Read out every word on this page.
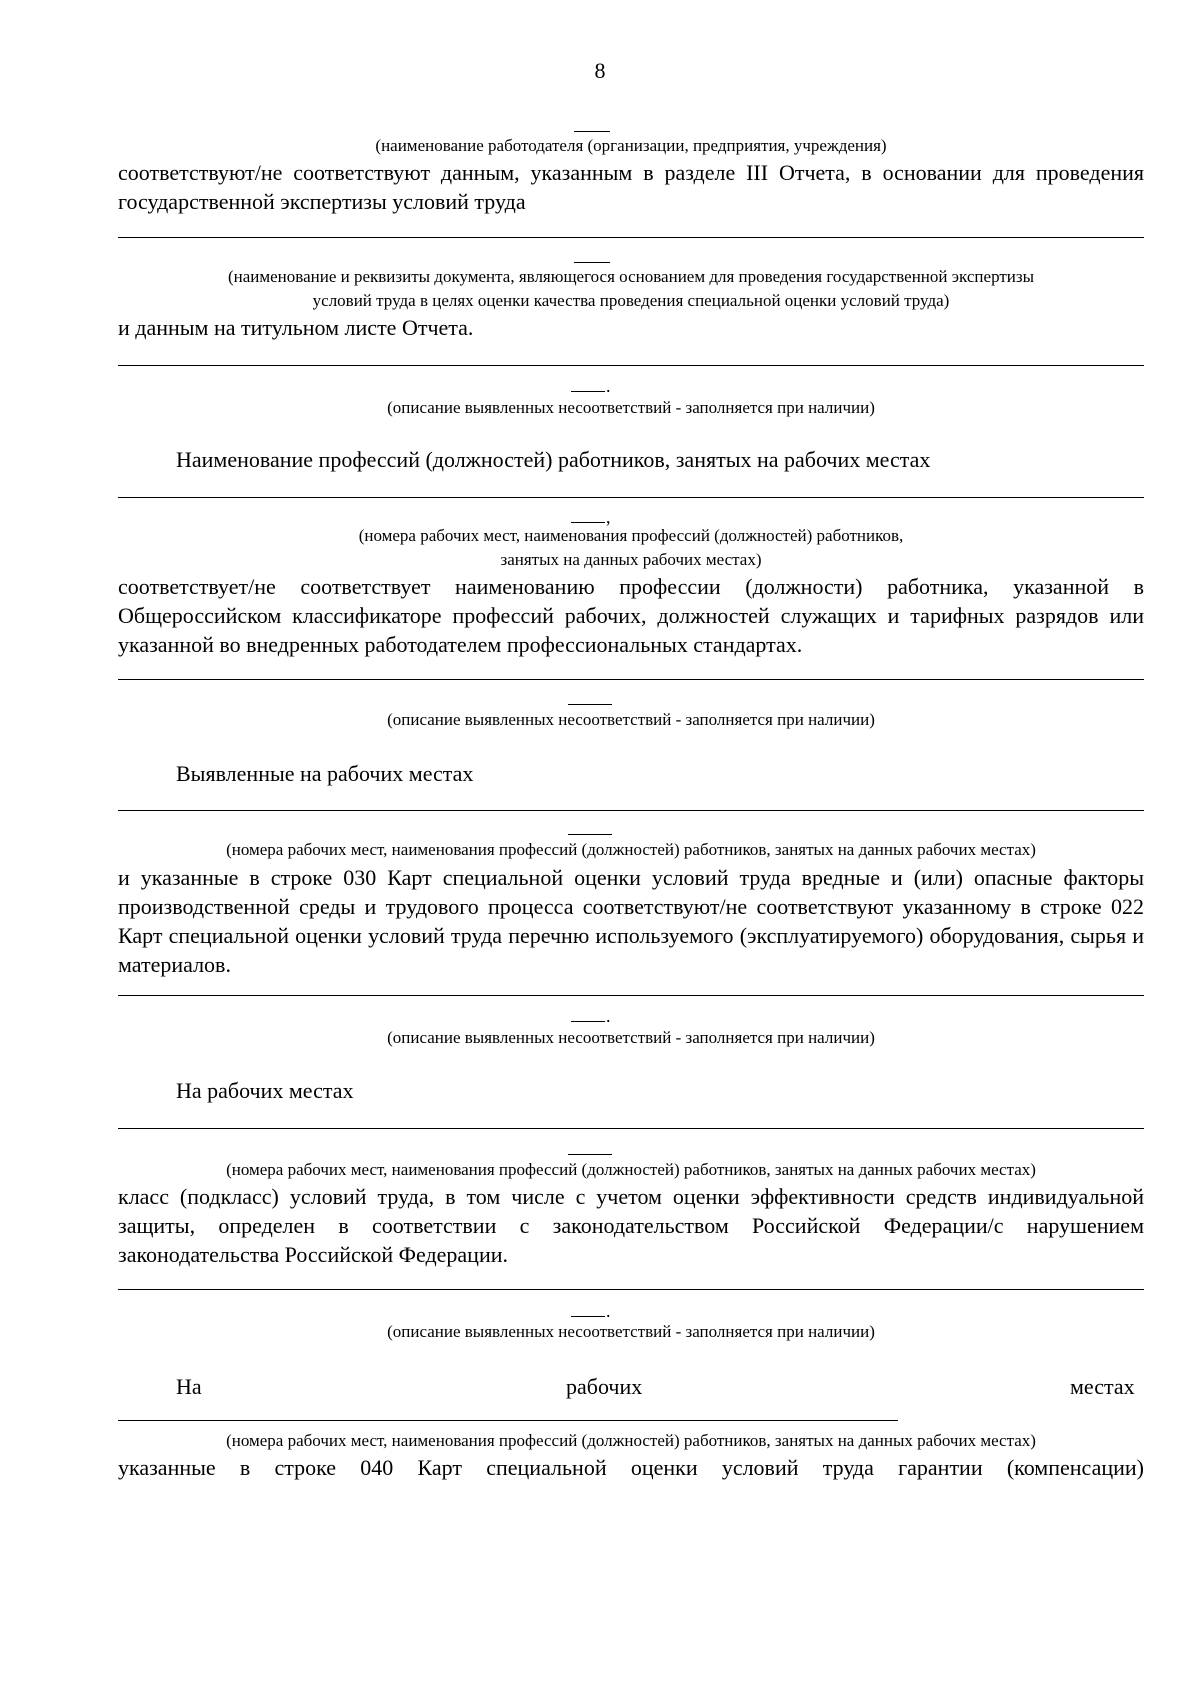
8
(наименование работодателя (организации, предприятия, учреждения)
соответствуют/не соответствуют данным, указанным в разделе III Отчета, в основании для проведения государственной экспертизы условий труда
(наименование и реквизиты документа, являющегося основанием для проведения государственной экспертизы
условий труда в целях оценки качества проведения специальной оценки условий труда)
и данным на титульном листе Отчета.
.
(описание выявленных несоответствий - заполняется при наличии)
Наименование профессий (должностей) работников, занятых на рабочих местах
,
(номера рабочих мест, наименования профессий (должностей) работников,
занятых на данных рабочих местах)
соответствует/не соответствует наименованию профессии (должности) работника, указанной в Общероссийском классификаторе профессий рабочих, должностей служащих и тарифных разрядов или указанной во внедренных работодателем профессиональных стандартах.
(описание выявленных несоответствий - заполняется при наличии)
Выявленные на рабочих местах
(номера рабочих мест, наименования профессий (должностей) работников, занятых на данных рабочих местах)
и указанные в строке 030 Карт специальной оценки условий труда вредные и (или) опасные факторы производственной среды и трудового процесса соответствуют/не соответствуют указанному в строке 022 Карт специальной оценки условий труда перечню используемого (эксплуатируемого) оборудования, сырья и материалов.
.
(описание выявленных несоответствий - заполняется при наличии)
На рабочих местах
(номера рабочих мест, наименования профессий (должностей) работников, занятых на данных рабочих местах)
класс (подкласс) условий труда, в том числе с учетом оценки эффективности средств индивидуальной защиты, определен в соответствии с законодательством Российской Федерации/с нарушением законодательства Российской Федерации.
.
(описание выявленных несоответствий - заполняется при наличии)
На	рабочих	местах
(номера рабочих мест, наименования профессий (должностей) работников, занятых на данных рабочих местах)
указанные в строке 040 Карт специальной оценки условий труда гарантии (компенсации)
